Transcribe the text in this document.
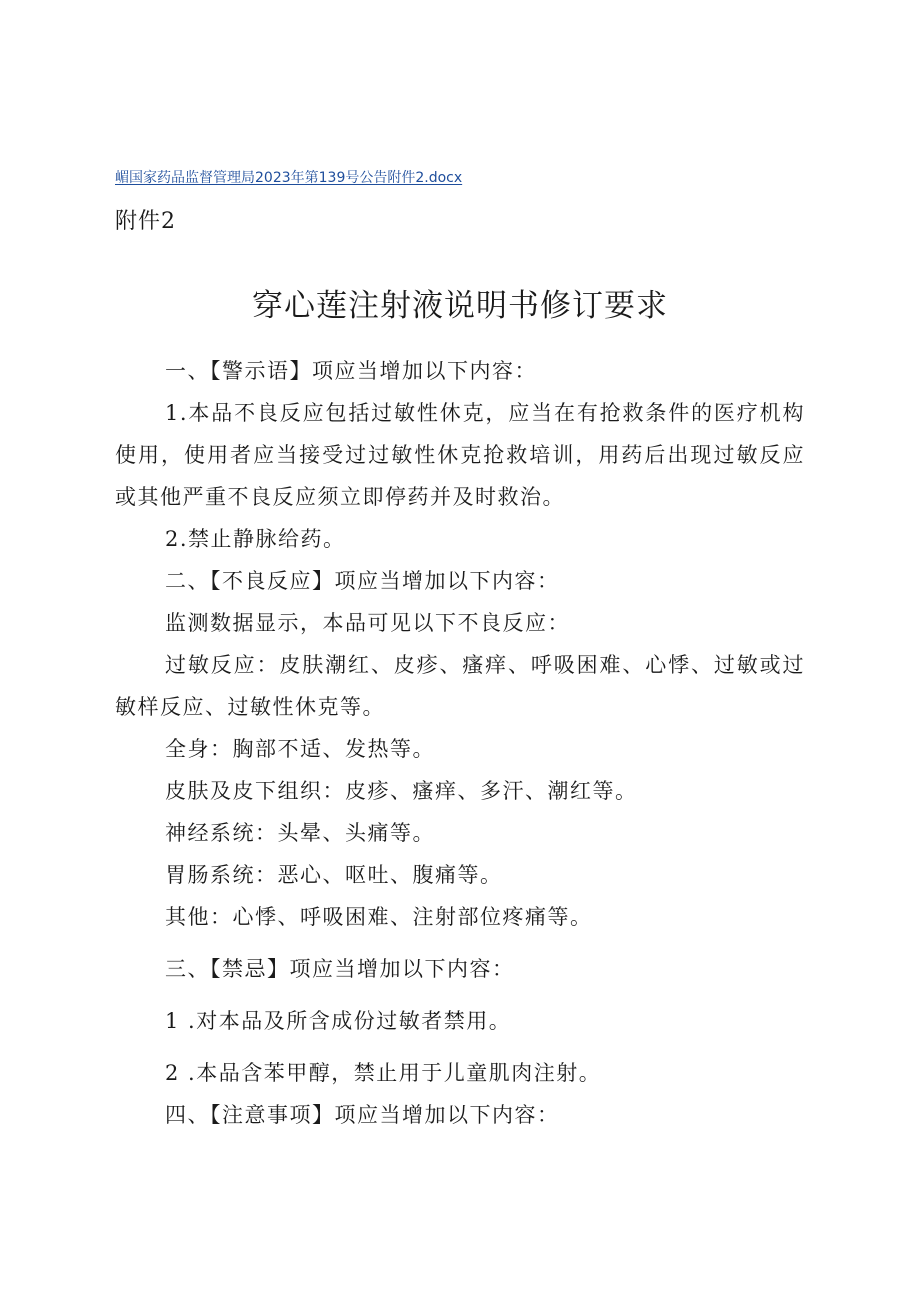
嵋国家药品监督管理局2023年第139号公告附件2.docx
附件2
穿心莲注射液说明书修订要求

一、【警示语】项应当增加以下内容：

1.本品不良反应包括过敏性休克，应当在有抢救条件的医疗机构使用，使用者应当接受过过敏性休克抢救培训，用药后出现过敏反应或其他严重不良反应须立即停药并及时救治。

2.禁止静脉给药。

二、【不良反应】项应当增加以下内容：

监测数据显示，本品可见以下不良反应：

过敏反应：皮肤潮红、皮疹、瘙痒、呼吸困难、心悸、过敏或过敏样反应、过敏性休克等。

全身：胸部不适、发热等。

皮肤及皮下组织：皮疹、瘙痒、多汗、潮红等。

神经系统：头晕、头痛等。

胃肠系统：恶心、呕吐、腹痛等。

其他：心悸、呼吸困难、注射部位疼痛等。

三、【禁忌】项应当增加以下内容：

1 .对本品及所含成份过敏者禁用。

2 .本品含苯甲醇，禁止用于儿童肌肉注射。

四、【注意事项】项应当增加以下内容：
